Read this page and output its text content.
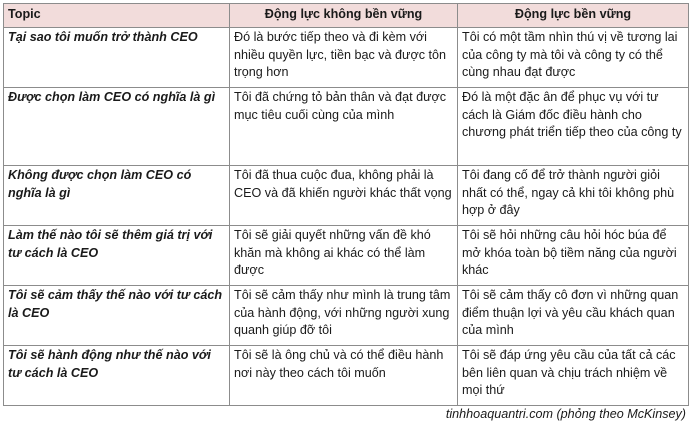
Topic	Động lực không bền vững	Động lực bền vững
Tại sao tôi muốn trở thành CEO	Đó là bước tiếp theo và đi kèm với nhiều quyền lực, tiền bạc và được tôn trọng hơn	Tôi có một tầm nhìn thú vị về tương lai của công ty mà tôi và công ty có thể cùng nhau đạt được
Được chọn làm CEO có nghĩa là gì	Tôi đã chứng tỏ bản thân và đạt được mục tiêu cuối cùng của mình	Đó là một đặc ân để phục vụ với tư cách là Giám đốc điều hành cho chương phát triển tiếp theo của công ty
Không được chọn làm CEO có nghĩa là gì	Tôi đã thua cuộc đua, không phải là CEO và đã khiến người khác thất vọng	Tôi đang cố để trở thành người giỏi nhất có thể, ngay cả khi tôi không phù hợp ở đây
Làm thế nào tôi sẽ thêm giá trị với tư cách là CEO	Tôi sẽ giải quyết những vấn đề khó khăn mà không ai khác có thể làm được	Tôi sẽ hỏi những câu hỏi hóc búa để mở khóa toàn bộ tiềm năng của người khác
Tôi sẽ cảm thấy thế nào với tư cách là CEO	Tôi sẽ cảm thấy như mình là trung tâm của hành động, với những người xung quanh giúp đỡ tôi	Tôi sẽ cảm thấy cô đơn vì những quan điểm thuận lợi và yêu cầu khách quan của mình
Tôi sẽ hành động như thế nào với tư cách là CEO	Tôi sẽ là ông chủ và có thể điều hành nơi này theo cách tôi muốn	Tôi sẽ đáp ứng yêu cầu của tất cả các bên liên quan và chịu trách nhiệm về mọi thứ
tinhhoaquantri.com (phỏng theo McKinsey)
